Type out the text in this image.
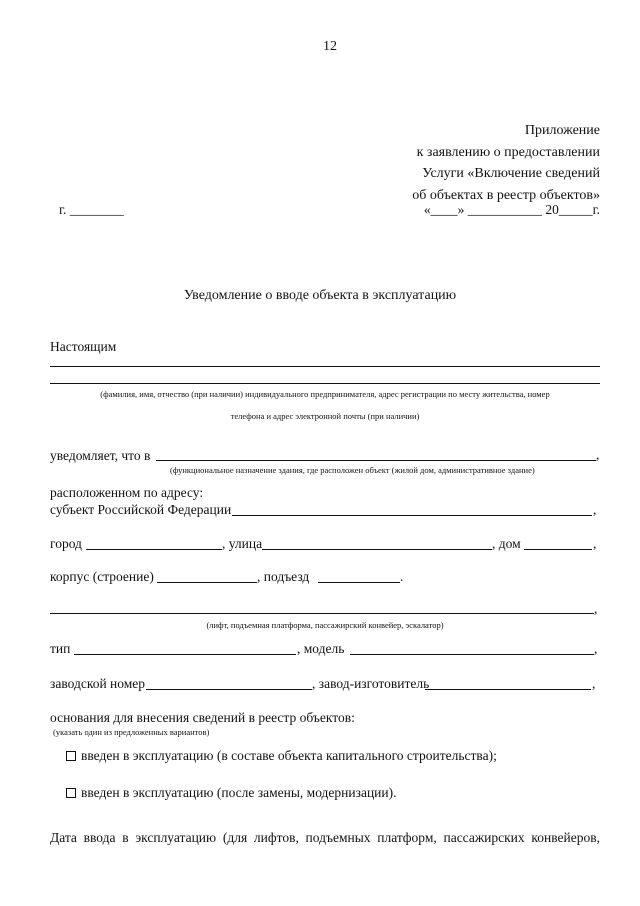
12
Приложение
к заявлению о предоставлении
Услуги «Включение сведений
об объектах в реестр объектов»
г. ________	«____» ___________ 20_____г.
Уведомление о вводе объекта в эксплуатацию
Настоящим
(фамилия, имя, отчество (при наличии) индивидуального предпринимателя, адрес регистрации по месту жительства, номер
телефона и адрес электронной почты (при наличии)
уведомляет, что в	,
(функциональное назначение здания, где расположен объект (жилой дом, административное здание)
расположенном по адресу:
субъект Российской Федерации	,
город	, улица	, дом	,
корпус (строение)	, подъезд	.
,
(лифт, подъемная платформа, пассажирский конвейер, эскалатор)
тип	, модель	,
заводской номер	, завод-изготовитель	,
основания для внесения сведений в реестр объектов:
(указать один из предложенных вариантов)
введен в эксплуатацию (в составе объекта капитального строительства);
введен в эксплуатацию (после замены, модернизации).
Дата ввода в эксплуатацию (для лифтов, подъемных платформ, пассажирских конвейеров,
